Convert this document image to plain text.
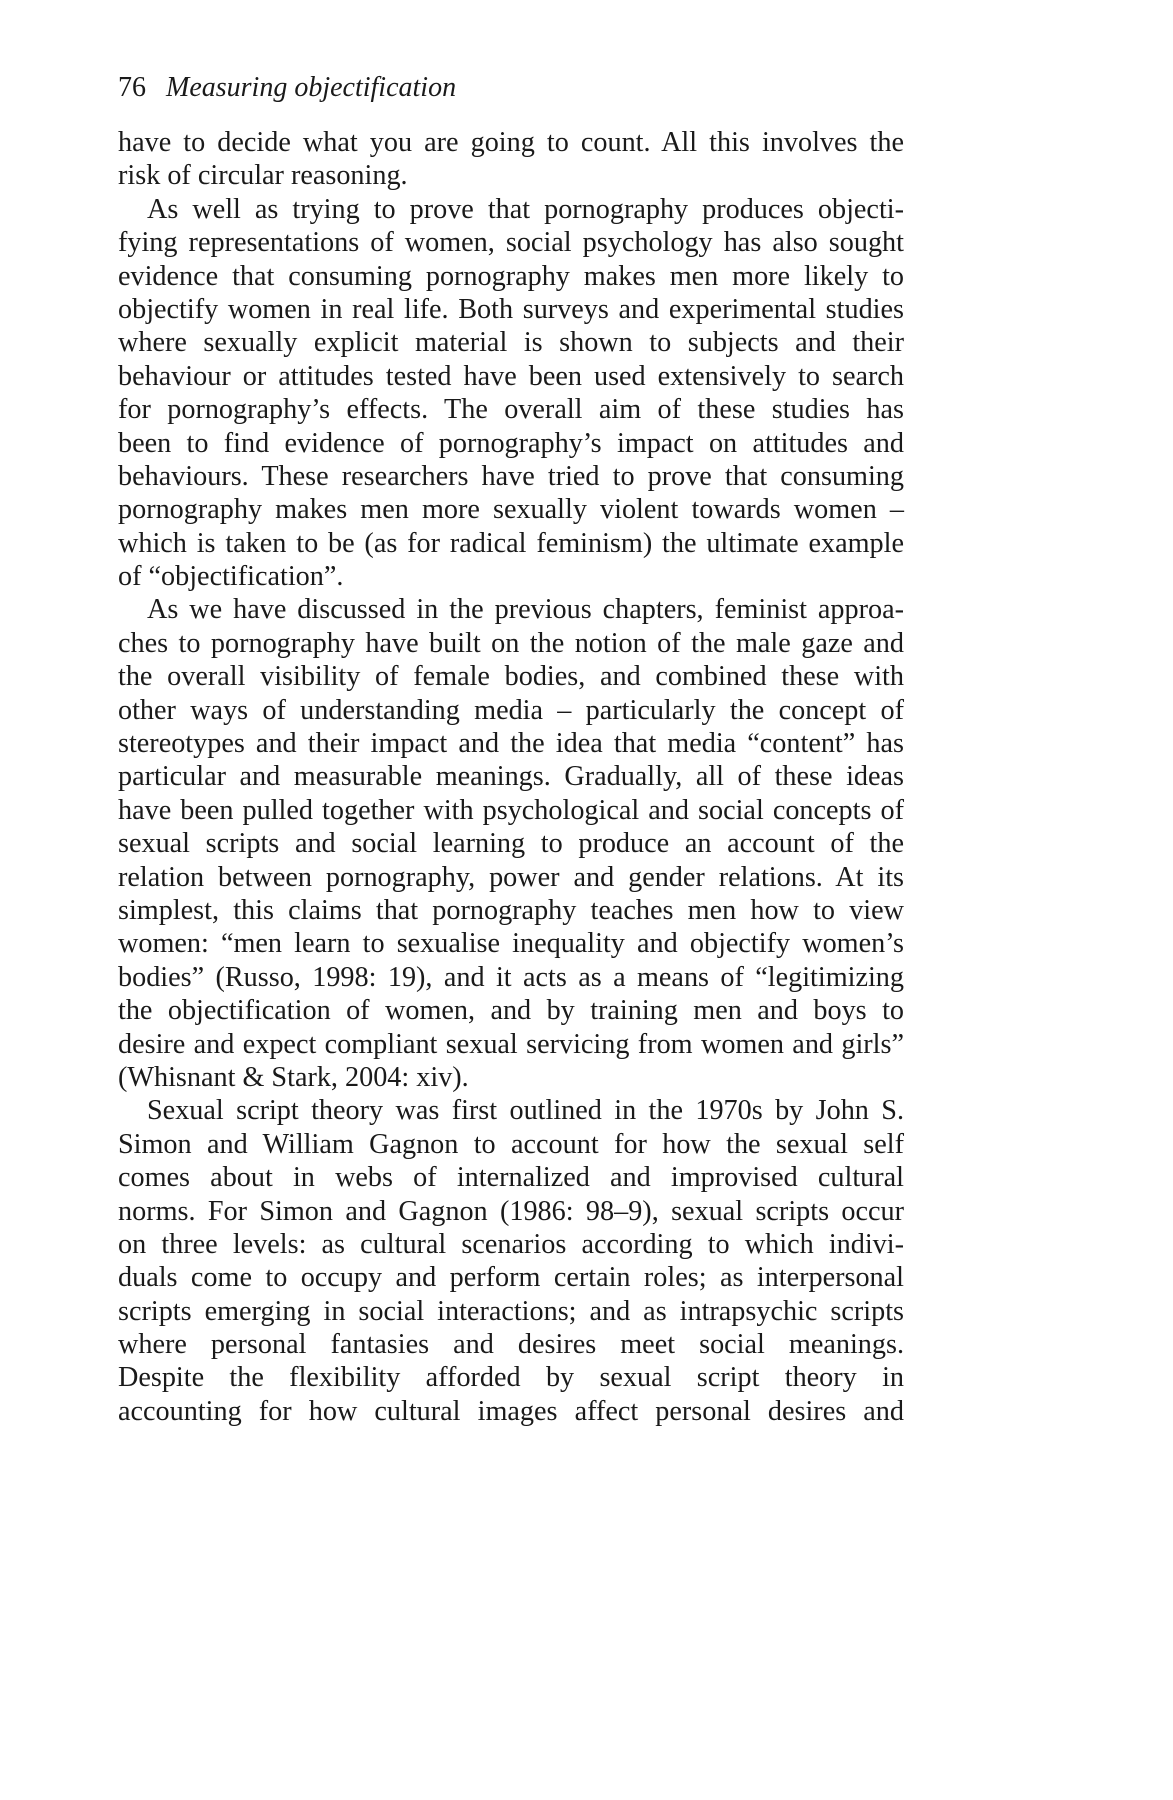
76 Measuring objectification
have to decide what you are going to count. All this involves the
risk of circular reasoning.
As well as trying to prove that pornography produces objecti-
fying representations of women, social psychology has also sought
evidence that consuming pornography makes men more likely to
objectify women in real life. Both surveys and experimental studies
where sexually explicit material is shown to subjects and their
behaviour or attitudes tested have been used extensively to search
for pornography’s effects. The overall aim of these studies has
been to find evidence of pornography’s impact on attitudes and
behaviours. These researchers have tried to prove that consuming
pornography makes men more sexually violent towards women –
which is taken to be (as for radical feminism) the ultimate example
of “objectification”.
As we have discussed in the previous chapters, feminist approa-
ches to pornography have built on the notion of the male gaze and
the overall visibility of female bodies, and combined these with
other ways of understanding media – particularly the concept of
stereotypes and their impact and the idea that media “content” has
particular and measurable meanings. Gradually, all of these ideas
have been pulled together with psychological and social concepts of
sexual scripts and social learning to produce an account of the
relation between pornography, power and gender relations. At its
simplest, this claims that pornography teaches men how to view
women: “men learn to sexualise inequality and objectify women’s
bodies” (Russo, 1998: 19), and it acts as a means of “legitimizing
the objectification of women, and by training men and boys to
desire and expect compliant sexual servicing from women and girls”
(Whisnant & Stark, 2004: xiv).
Sexual script theory was first outlined in the 1970s by John S.
Simon and William Gagnon to account for how the sexual self
comes about in webs of internalized and improvised cultural
norms. For Simon and Gagnon (1986: 98–9), sexual scripts occur
on three levels: as cultural scenarios according to which indivi-
duals come to occupy and perform certain roles; as interpersonal
scripts emerging in social interactions; and as intrapsychic scripts
where personal fantasies and desires meet social meanings.
Despite the flexibility afforded by sexual script theory in
accounting for how cultural images affect personal desires and
